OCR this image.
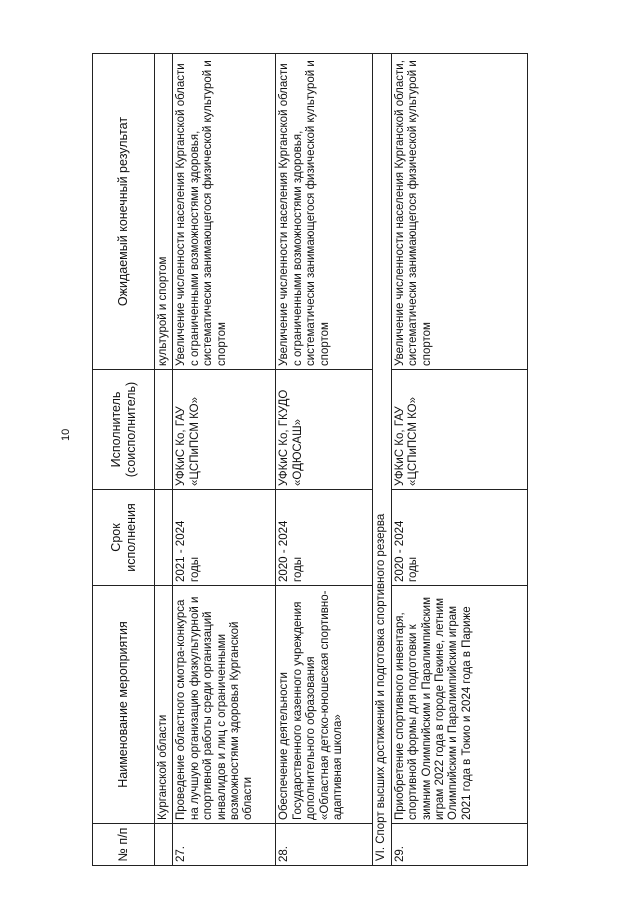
10
№ п/п	Наименование мероприятия	Срок исполнения	Исполнитель (соисполнитель)	Ожидаемый конечный результат
	Курганской области			культурой и спортом
27.	Проведение областного смотра-конкурса на лучшую организацию физкультурной и спортивной работы среди организаций инвалидов и лиц с ограниченными возможностями здоровья Курганской области	2021 - 2024 годы	УФКиС Ко, ГАУ «ЦСПиПСМ КО»	Увеличение численности населения Курганской области с ограниченными возможностями здоровья, систематически занимающегося физической культурой и спортом
28.	Обеспечение деятельности Государственного казенного учреждения дополнительного образования «Областная детско-юношеская спортивно-адаптивная школа»	2020 - 2024 годы	УФКиС Ко, ГКУДО «ОДЮСАШ»	Увеличение численности населения Курганской области с ограниченными возможностями здоровья, систематически занимающегося физической культурой и спортом
VI. Спорт высших достижений и подготовка спортивного резерва				
29.	Приобретение спортивного инвентаря, спортивной формы для подготовки к зимним Олимпийским и Паралимпийским играм 2022 года в городе Пекине, летним Олимпийским и Паралимпийским играм 2021 года в Токио и 2024 года в Париже	2020 - 2024 годы	УФКиС Ко, ГАУ «ЦСПиПСМ КО»	Увеличение численности населения Курганской области, систематически занимающегося физической культурой и спортом
